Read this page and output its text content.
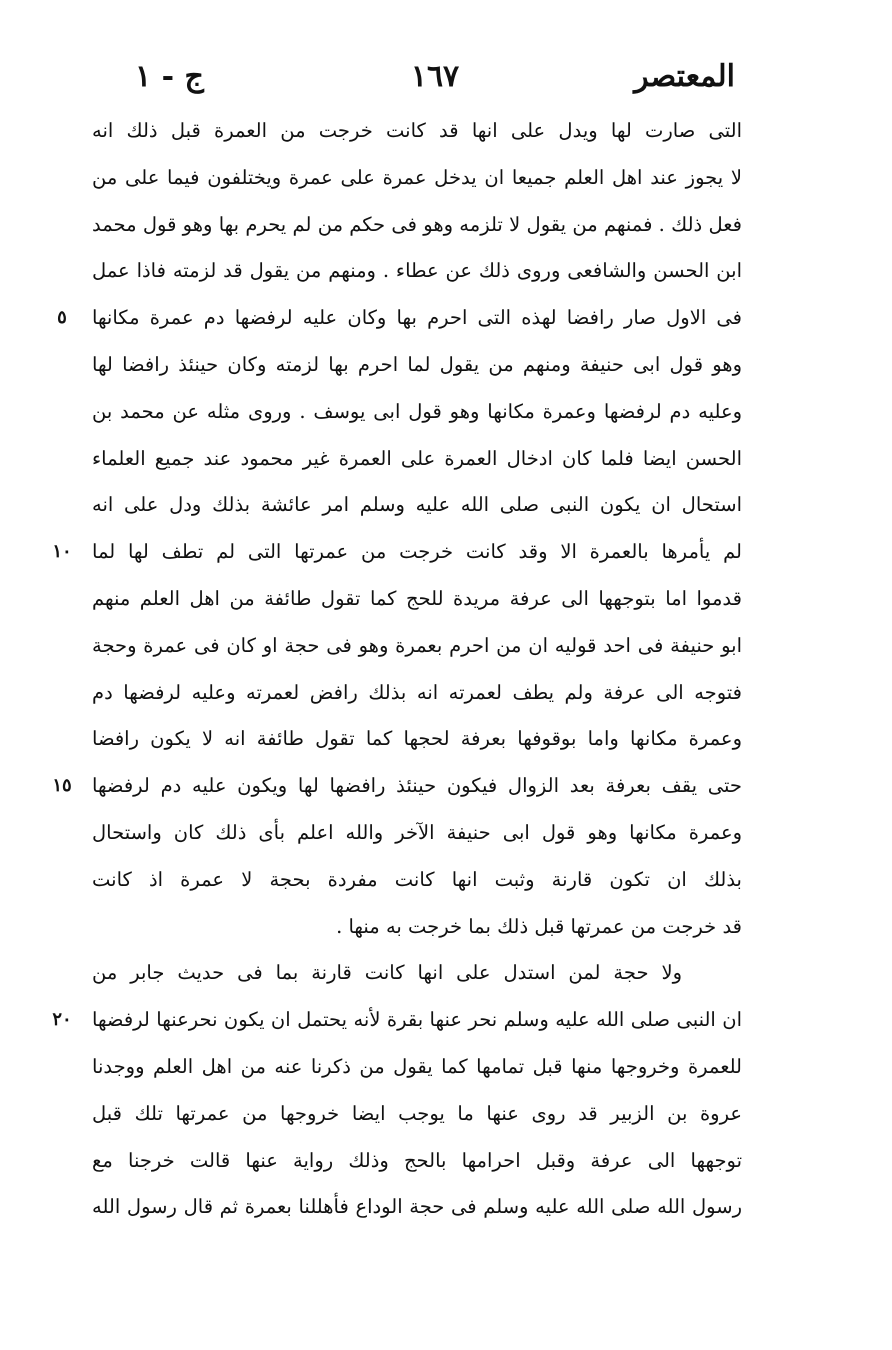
المعتصر
١٦٧
ج - ١
التى صارت لها ويدل على انها قد كانت خرجت من العمرة قبل ذلك انه
لا يجوز عند اهل العلم جميعا ان يدخل عمرة على عمرة ويختلفون فيما على من
فعل ذلك . فمنهم من يقول لا تلزمه وهو فى حكم من لم يحرم بها وهو قول محمد
ابن الحسن والشافعى وروى ذلك عن عطاء . ومنهم من يقول قد لزمته فاذا عمل
فى الاول صار رافضا لهذه التى احرم بها وكان عليه لرفضها دم عمرة مكانها
وهو قول ابى حنيفة ومنهم من يقول لما احرم بها لزمته وكان حينئذ رافضا لها
وعليه دم لرفضها وعمرة مكانها وهو قول ابى يوسف . وروى مثله عن محمد بن
الحسن ايضا فلما كان ادخال العمرة على العمرة غير محمود عند جميع العلماء
استحال ان يكون النبى صلى الله عليه وسلم امر عائشة بذلك ودل على انه
لم يأمرها بالعمرة الا وقد كانت خرجت من عمرتها التى لم تطف لها لما
قدموا اما بتوجهها الى عرفة مريدة للحج كما تقول طائفة من اهل العلم منهم
ابو حنيفة فى احد قوليه ان من احرم بعمرة وهو فى حجة او كان فى عمرة وحجة
فتوجه الى عرفة ولم يطف لعمرته انه بذلك رافض لعمرته وعليه لرفضها دم
وعمرة مكانها واما بوقوفها بعرفة لحجها كما تقول طائفة انه لا يكون رافضا
حتى يقف بعرفة بعد الزوال فيكون حينئذ رافضها لها ويكون عليه دم لرفضها
وعمرة مكانها وهو قول ابى حنيفة الآخر والله اعلم بأى ذلك كان واستحال
بذلك ان تكون قارنة وثبت انها كانت مفردة بحجة لا عمرة اذ كانت
قد خرجت من عمرتها قبل ذلك بما خرجت به منها .
ولا حجة لمن استدل على انها كانت قارنة بما فى حديث جابر من
ان النبى صلى الله عليه وسلم نحر عنها بقرة لأنه يحتمل ان يكون نحرعنها لرفضها
للعمرة وخروجها منها قبل تمامها كما يقول من ذكرنا عنه من اهل العلم ووجدنا
عروة بن الزبير قد روى عنها ما يوجب ايضا خروجها من عمرتها تلك قبل
توجهها الى عرفة وقبل احرامها بالحج وذلك رواية عنها قالت خرجنا مع
رسول الله صلى الله عليه وسلم فى حجة الوداع فأهللنا بعمرة ثم قال رسول الله
٥
١٠
١٥
٢٠
